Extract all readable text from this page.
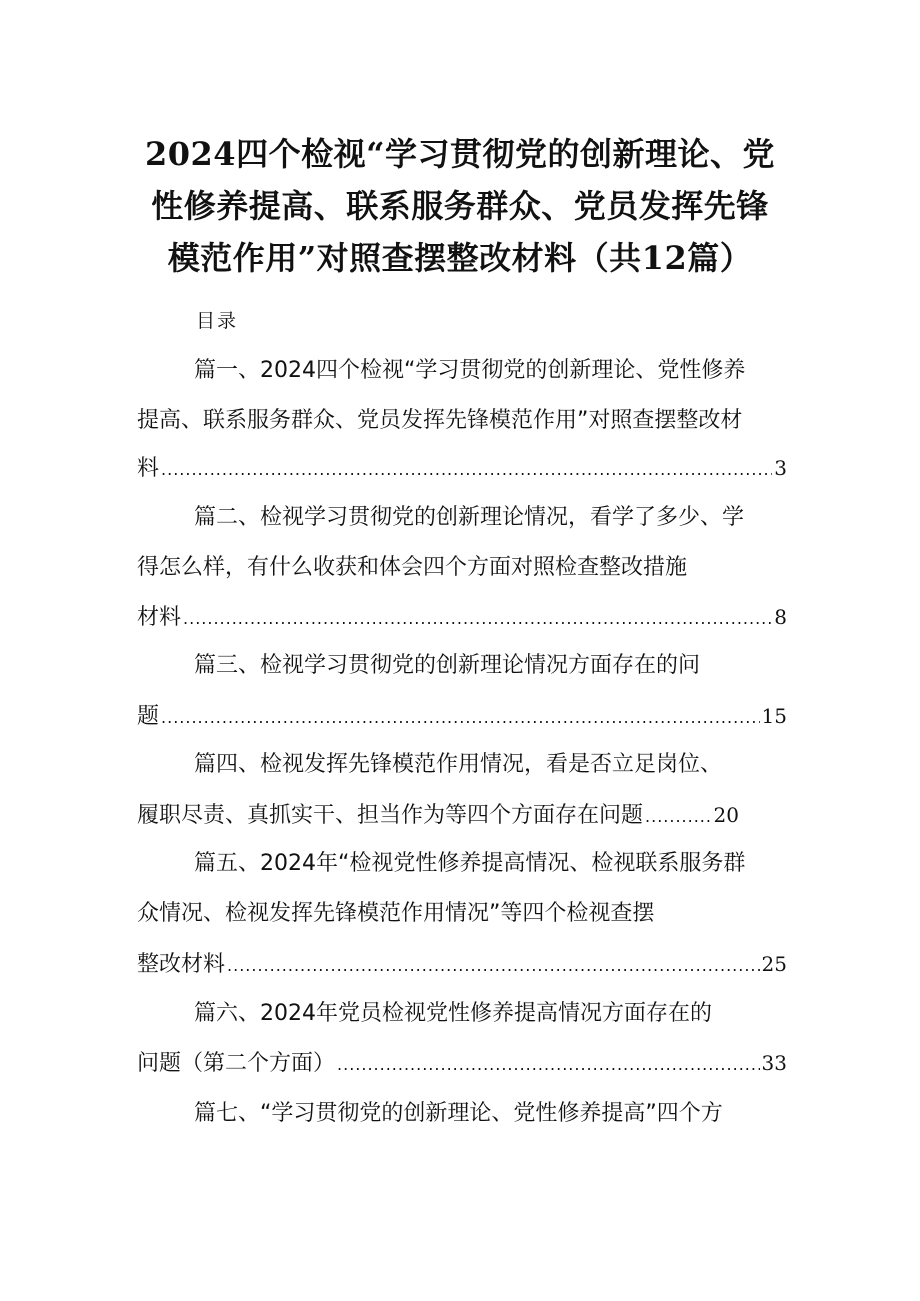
2024四个检视“学习贯彻党的创新理论、党
性修养提高、联系服务群众、党员发挥先锋
模范作用”对照查摆整改材料（共12篇）
目录
篇一、2024四个检视“学习贯彻党的创新理论、党性修养
提高、联系服务群众、党员发挥先锋模范作用”对照查摆整改材
料 .....	3
篇二、检视学习贯彻党的创新理论情况，看学了多少、学
得怎么样，有什么收获和体会四个方面对照检查整改措施
材料 .....	8
篇三、检视学习贯彻党的创新理论情况方面存在的问
题 .....	15
篇四、检视发挥先锋模范作用情况，看是否立足岗位、
履职尽责、真抓实干、担当作为等四个方面存在问题 .....	20
篇五、2024年“检视党性修养提高情况、检视联系服务群
众情况、检视发挥先锋模范作用情况”等四个检视查摆
整改材料 .....	25
篇六、2024年党员检视党性修养提高情况方面存在的
问题（第二个方面） .....	33
篇七、“学习贯彻党的创新理论、党性修养提高”四个方
